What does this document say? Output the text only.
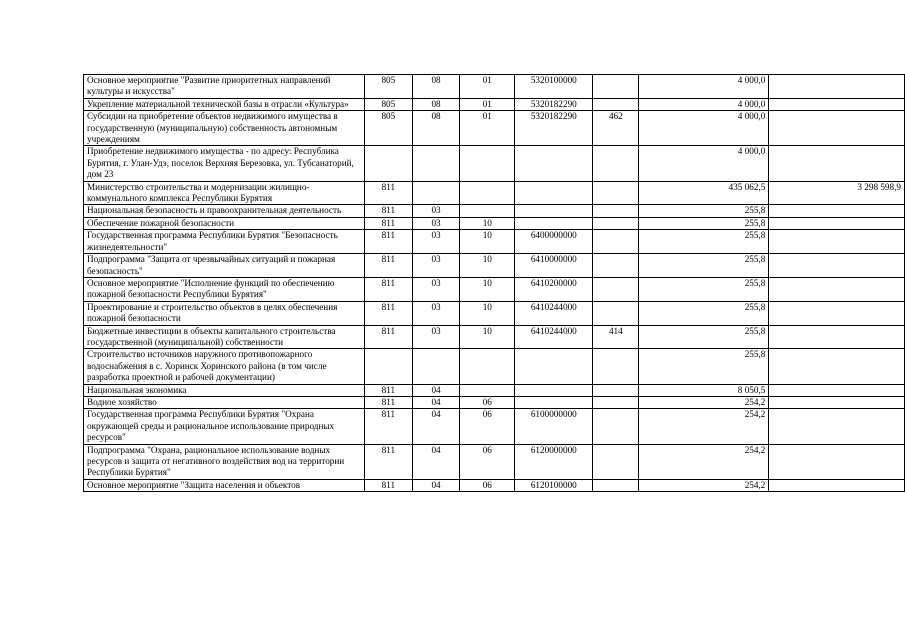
Основное мероприятие "Развитие приоритетных направлений культуры и искусства"	805	08	01	5320100000		4 000,0	
Укрепление материальной технической базы в отрасли «Культура»	805	08	01	5320182290		4 000,0	
Субсидии на приобретение объектов недвижимого имущества в государственную (муниципальную) собственность автономным учреждениям	805	08	01	5320182290	462	4 000,0	
Приобретение недвижимого имущества - по адресу: Республика Бурятия, г. Улан-Удэ, поселок Верхняя Березовка, ул. Тубсанаторий, дом 23						4 000,0	
Министерство строительства и модернизации жилищно-коммунального комплекса Республики Бурятия	811					435 062,5	3 298 598,9
Национальная безопасность и правоохранительная деятельность	811	03				255,8	
Обеспечение пожарной безопасности	811	03	10			255,8	
Государственная программа Республики Бурятия "Безопасность жизнедеятельности"	811	03	10	6400000000		255,8	
Подпрограмма "Защита от чрезвычайных ситуаций и пожарная безопасность"	811	03	10	6410000000		255,8	
Основное мероприятие "Исполнение функций по обеспечению пожарной безопасности Республики Бурятия"	811	03	10	6410200000		255,8	
Проектирование и строительство объектов в целях обеспечения пожарной безопасности	811	03	10	6410244000		255,8	
Бюджетные инвестиции в объекты капитального строительства государственной (муниципальной) собственности	811	03	10	6410244000	414	255,8	
Строительство источников наружного противопожарного водоснабжения в с. Хоринск Хоринского района (в том числе разработка проектной и рабочей документации)						255,8	
Национальная экономика	811	04				8 050,5	
Водное хозяйство	811	04	06			254,2	
Государственная программа Республики Бурятия "Охрана окружающей среды и рациональное использование природных ресурсов"	811	04	06	6100000000		254,2	
Подпрограмма "Охрана, рациональное использование водных ресурсов и защита от негативного воздействия вод на территории Республики Бурятия"	811	04	06	6120000000		254,2	
Основное мероприятие "Защита населения и объектов	811	04	06	6120100000		254,2	
